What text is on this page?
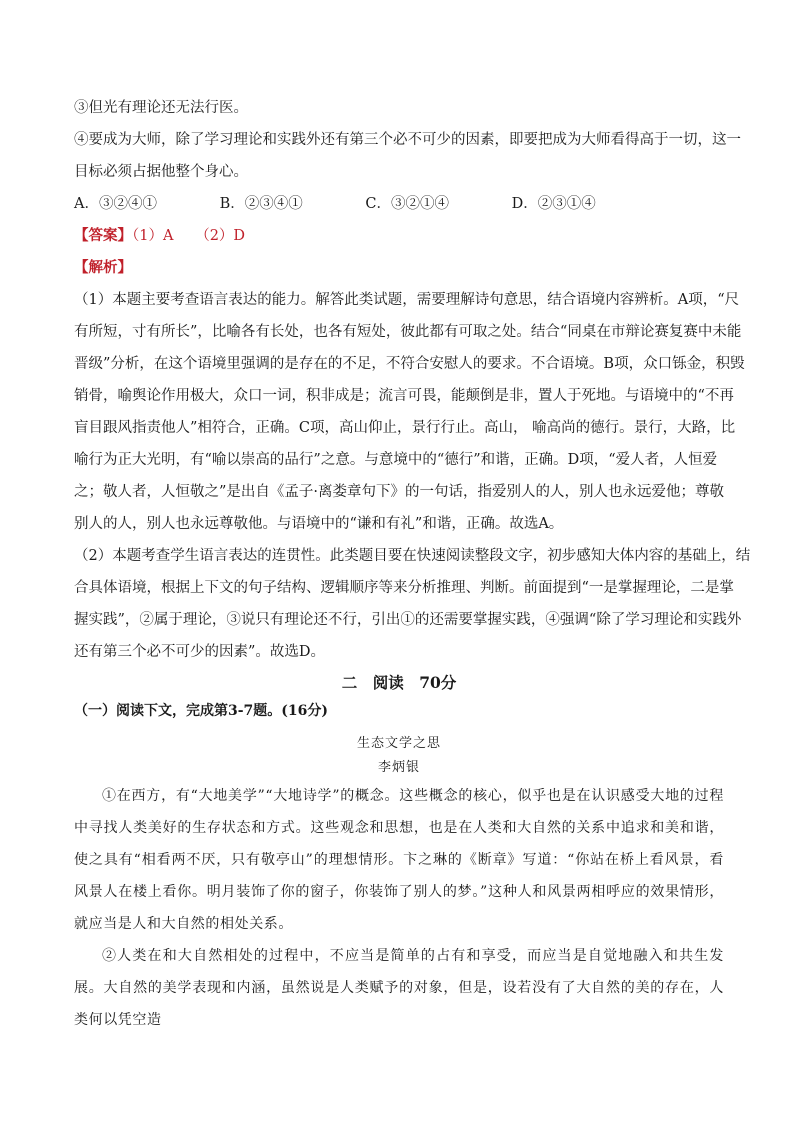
③但光有理论还无法行医。
④要成为大师，除了学习理论和实践外还有第三个必不可少的因素，即要把成为大师看得高于一切，这一
目标必须占据他整个身心。
A．③②④①	B．②③④①	C．③②①④	D．②③①④
【答案】（1）A　　（2）D
【解析】
（1）本题主要考查语言表达的能力。解答此类试题，需要理解诗句意思，结合语境内容辨析。A项，“尺
有所短，寸有所长”，比喻各有长处，也各有短处，彼此都有可取之处。结合“同桌在市辩论赛复赛中未能
晋级”分析，在这个语境里强调的是存在的不足，不符合安慰人的要求。不合语境。B项，众口铄金，积毁
销骨，喻舆论作用极大，众口一词，积非成是；流言可畏，能颠倒是非，置人于死地。与语境中的“不再
盲目跟风指责他人”相符合，正确。C项，高山仰止，景行行止。高山， 喻高尚的德行。景行，大路，比
喻行为正大光明，有“喻以崇高的品行”之意。与意境中的“德行”和谐，正确。D项，“爱人者，人恒爱
之；敬人者，人恒敬之”是出自《孟子·离娄章句下》的一句话，指爱别人的人，别人也永远爱他；尊敬
别人的人，别人也永远尊敬他。与语境中的“谦和有礼”和谐，正确。故选A。
（2）本题考查学生语言表达的连贯性。此类题目要在快速阅读整段文字，初步感知大体内容的基础上，结
合具体语境，根据上下文的句子结构、逻辑顺序等来分析推理、判断。前面提到“一是掌握理论，二是掌
握实践”，②属于理论，③说只有理论还不行，引出①的还需要掌握实践，④强调“除了学习理论和实践外
还有第三个必不可少的因素”。故选D。
二　阅读　70分
（一）阅读下文，完成第3-7题。(16分)
生态文学之思
李炳银

①在西方，有“大地美学”“大地诗学”的概念。这些概念的核心，似乎也是在认识感受大地的过程中寻找人类美好的生存状态和方式。这些观念和思想，也是在人类和大自然的关系中追求和美和谐，使之具有“相看两不厌，只有敬亭山”的理想情形。卞之琳的《断章》写道：“你站在桥上看风景，看风景人在楼上看你。明月装饰了你的窗子，你装饰了别人的梦。”这种人和风景两相呼应的效果情形，就应当是人和大自然的相处关系。

②人类在和大自然相处的过程中，不应当是简单的占有和享受，而应当是自觉地融入和共生发展。大自然的美学表现和内涵，虽然说是人类赋予的对象，但是，设若没有了大自然的美的存在，人类何以凭空造
